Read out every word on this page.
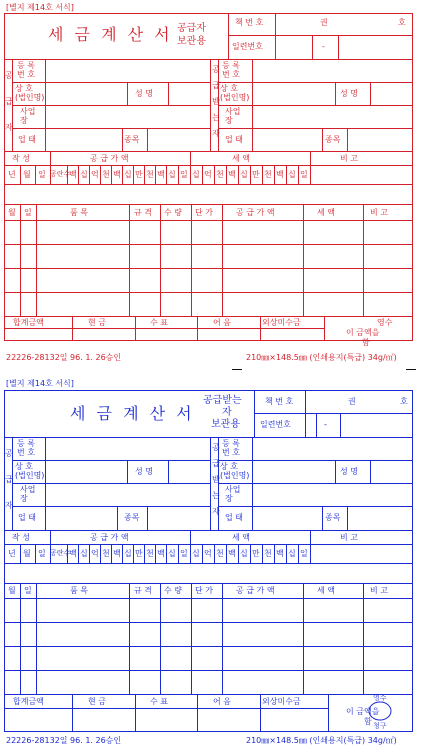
[별지 제14호 서식]
세 금 계 산 서 공급자
보관용
책 번 호	권	호
일련번호	-
공
급
자
공
급
받
는
자
등 록
번 호
상 호
(법인명)	성 명
사업
장
업 태	종목
등 록
번 호
상 호
(법인명)	성 명
사업
장
업 태	종목
작 성	공 급 가 액	세 액	비 고
년 월 일 공란수
백 십 억 천 백 십 만 천 백 십 일 십 억 천 백 십 만 천 백 십 일
월 일	품 목	규 격 수 량 단 가	공 급 가 액	세 액	비 고
합계금액	현 금	수 표	어 음	외상미수금	영수
이 금액을
함
22226-28132일 96. 1. 26승인	210㎜×148.5㎜ (인쇄용지(특급) 34g/㎡)
[별지 제14호 서식]
세 금 계 산 서
공급받는
자
보관용
책 번 호	권	호
일련번호	-
공
급
자
공
급
받
는
자
등 록
번 호
상 호
(법인명)	성 명
사업
장
업 태	종목
등 록
번 호
상 호
(법인명)	성 명
사업
장
업 태	종목
작 성	공 급 가 액	세 액	비 고
년 월 일 공란수
백 십 억 천 백 십 만 천 백 십 일 십 억 천 백 십 만 천 백 십 일
월 일	품 목	규 격 수 량 단 가	공 급 가 액	세 액	비 고
합계금액	현 금	수 표	어 음	외상미수금
이 금액을
함
영수
청구
22226-28132일 96. 1. 26승인	210㎜×148.5㎜ (인쇄용지(특급) 34g/㎡)
